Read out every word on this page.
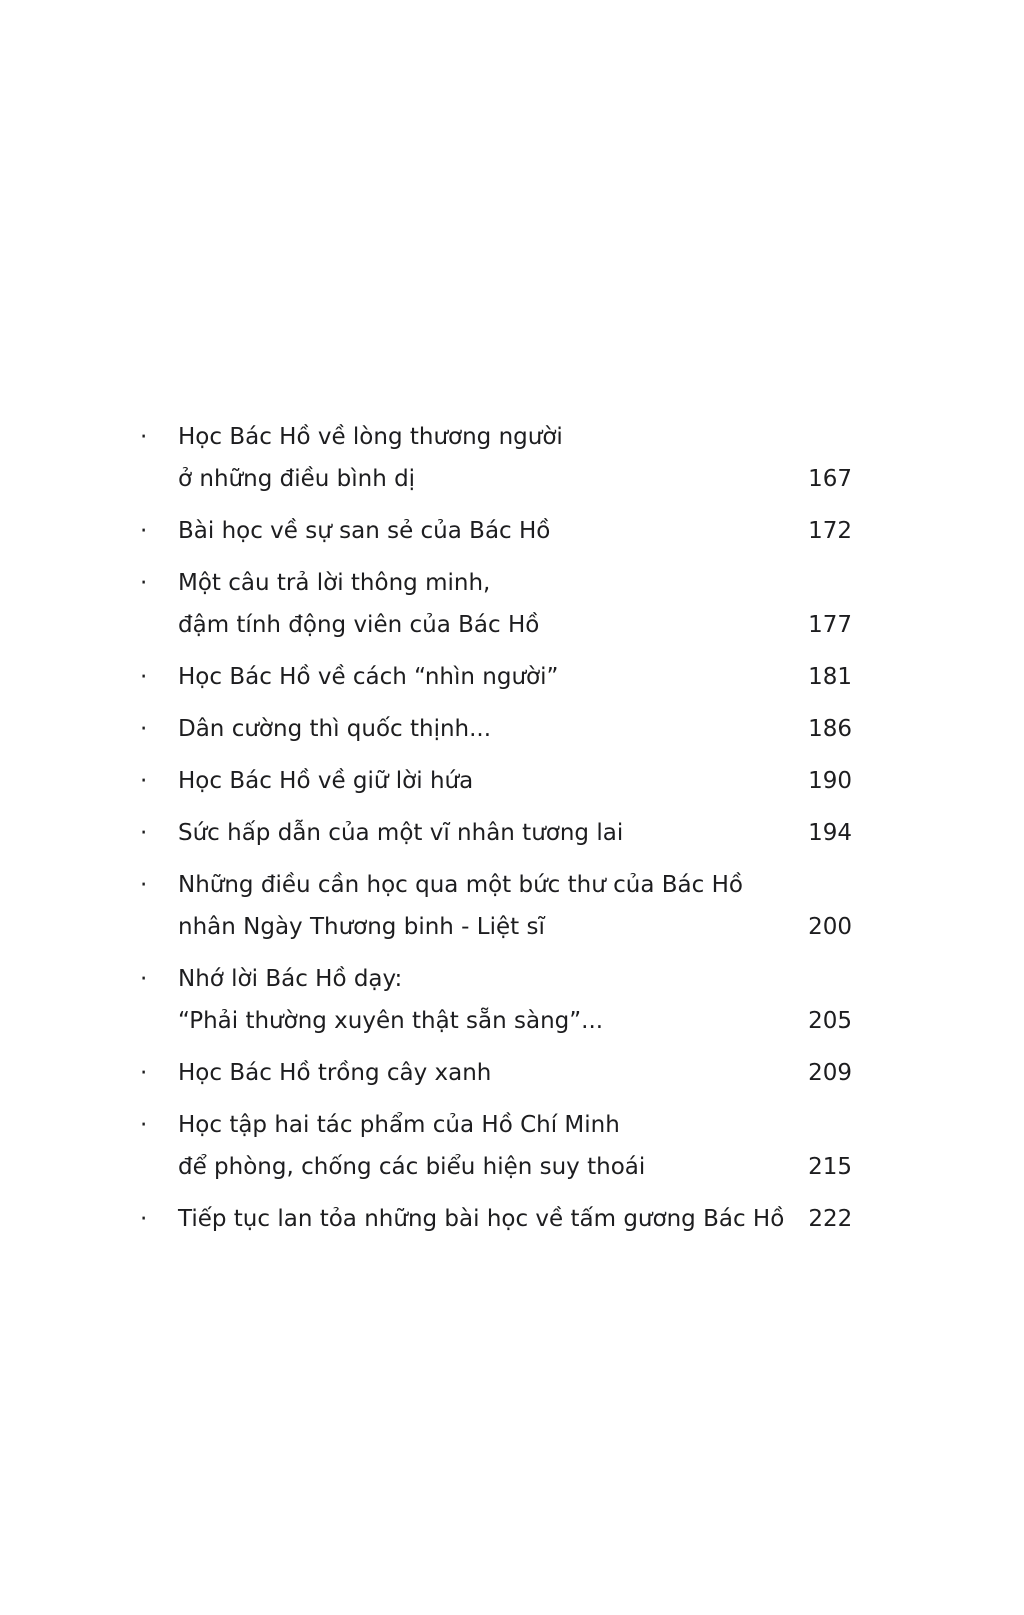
·	Học Bác Hồ về lòng thương người
ở những điều bình dị	167
·	Bài học về sự san sẻ của Bác Hồ	172
·	Một câu trả lời thông minh,
đậm tính động viên của Bác Hồ	177
·	Học Bác Hồ về cách “nhìn người”	181
·	Dân cường thì quốc thịnh...	186
·	Học Bác Hồ về giữ lời hứa	190
·	Sức hấp dẫn của một vĩ nhân tương lai	194
·	Những điều cần học qua một bức thư của Bác Hồ
nhân Ngày Thương binh - Liệt sĩ	200
·	Nhớ lời Bác Hồ dạy:
“Phải thường xuyên thật sẵn sàng”...	205
·	Học Bác Hồ trồng cây xanh	209
·	Học tập hai tác phẩm của Hồ Chí Minh
để phòng, chống các biểu hiện suy thoái	215
·	Tiếp tục lan tỏa những bài học về tấm gương Bác Hồ	222
